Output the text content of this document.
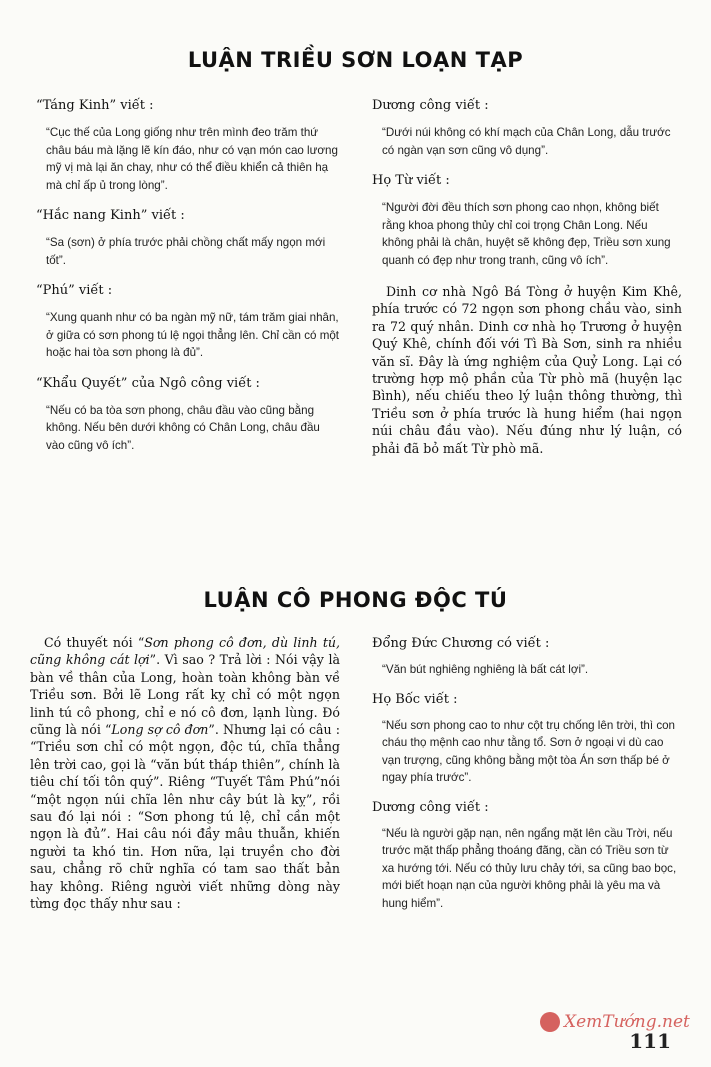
LUẬN TRIỀU SƠN LOẠN TẠP

“Táng Kinh” viết :

“Cục thế của Long giống như trên mình đeo trăm thứ châu báu mà lặng lẽ kín đáo, như có vạn món cao lương mỹ vị mà lại ăn chay, như có thể điều khiển cả thiên hạ mà chỉ ấp ủ trong lòng”.

“Hắc nang Kinh” viết :

“Sa (sơn) ở phía trước phải chồng chất mấy ngọn mới tốt”.

“Phú” viết :

“Xung quanh như có ba ngàn mỹ nữ, tám trăm giai nhân, ở giữa có sơn phong tú lệ ngọi thẳng lên. Chỉ cần có một hoặc hai tòa sơn phong là đủ”.

“Khẩu Quyết” của Ngô công viết :

“Nếu có ba tòa sơn phong, châu đầu vào cũng bằng không. Nếu bên dưới không có Chân Long, châu đầu vào cũng vô ích”.

Dương công viết :

“Dưới núi không có khí mạch của Chân Long, dẫu trước có ngàn vạn sơn cũng vô dụng”.

Họ Từ viết :

“Người đời đều thích sơn phong cao nhọn, không biết rằng khoa phong thủy chỉ coi trọng Chân Long. Nếu không phải là chân, huyệt sẽ không đẹp, Triều sơn xung quanh có đẹp như trong tranh, cũng vô ích”.

Dinh cơ nhà Ngô Bá Tòng ở huyện Kim Khê, phía trước có 72 ngọn sơn phong chầu vào, sinh ra 72 quý nhân. Dinh cơ nhà họ Trương ở huyện Quý Khê, chính đối với Tì Bà Sơn, sinh ra nhiều văn sĩ. Đây là ứng nghiệm của Quỷ Long. Lại có trường hợp mộ phần của Từ phò mã (huyện lạc Bình), nếu chiếu theo lý luận thông thường, thì Triều sơn ở phía trước là hung hiểm (hai ngọn núi châu đầu vào). Nếu đúng như lý luận, có phải đã bỏ mất Từ phò mã.

LUẬN CÔ PHONG ĐỘC TÚ

Có thuyết nói “Sơn phong cô đơn, dù linh tú, cũng không cát lợi”. Vì sao ? Trả lời : Nói vậy là bàn về thân của Long, hoàn toàn không bàn về Triều sơn. Bởi lẽ Long rất kỵ chỉ có một ngọn linh tú cô phong, chỉ e nó cô đơn, lạnh lùng. Đó cũng là nói “Long sợ cô đơn”. Nhưng lại có câu : “Triều sơn chỉ có một ngọn, độc tú, chĩa thẳng lên trời cao, gọi là “văn bút tháp thiên”, chính là tiêu chí tối tôn quý”. Riêng “Tuyết Tâm Phú”nói “một ngọn núi chĩa lên như cây bút là kỵ”, rồi sau đó lại nói : “Sơn phong tú lệ, chỉ cần một ngọn là đủ”. Hai câu nói đầy mâu thuẫn, khiến người ta khó tin. Hơn nữa, lại truyền cho đời sau, chẳng rõ chữ nghĩa có tam sao thất bản hay không. Riêng người viết những dòng này từng đọc thấy như sau :

Đổng Đức Chương có viết :

“Văn bút nghiêng nghiêng là bất cát lợi”.

Họ Bốc viết :

“Nếu sơn phong cao to như cột trụ chống lên trời, thì con cháu thọ mệnh cao như tằng tổ. Sơn ở ngoại vi dù cao vạn trượng, cũng không bằng một tòa Án sơn thấp bé ở ngay phía trước”.

Dương công viết :

“Nếu là người gặp nạn, nên ngẩng mặt lên cầu Trời, nếu trước mặt thấp phẳng thoáng đãng, cần có Triều sơn từ xa hướng tới. Nếu có thủy lưu chảy tới, sa cũng bao bọc, mới biết hoạn nạn của người không phải là yêu ma và hung hiểm”.

XemTướng.net
111
